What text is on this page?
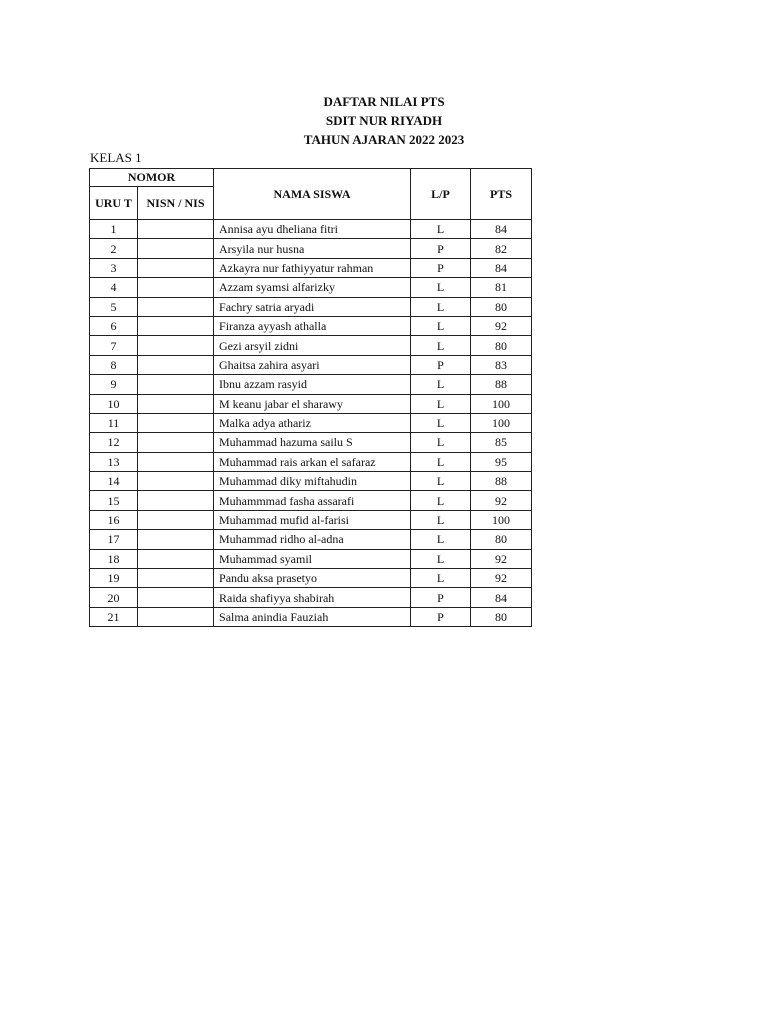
DAFTAR NILAI PTS
SDIT NUR RIYADH
TAHUN AJARAN 2022 2023
KELAS 1
NOMOR		NAMA SISWA	L/P	PTS
URU T	NISN / NIS			
1		Annisa ayu dheliana fitri	L	84
2		Arsyila nur husna	P	82
3		Azkayra nur fathiyyatur rahman	P	84
4		Azzam syamsi alfarizky	L	81
5		Fachry satria aryadi	L	80
6		Firanza ayyash athalla	L	92
7		Gezi arsyil zidni	L	80
8		Ghaitsa zahira asyari	P	83
9		Ibnu azzam rasyid	L	88
10		M keanu jabar el sharawy	L	100
11		Malka adya athariz	L	100
12		Muhammad hazuma sailu S	L	85
13		Muhammad rais arkan el safaraz	L	95
14		Muhammad diky miftahudin	L	88
15		Muhammmad fasha assarafi	L	92
16		Muhammad mufid al-farisi	L	100
17		Muhammad ridho al-adna	L	80
18		Muhammad syamil	L	92
19		Pandu aksa prasetyo	L	92
20		Raida shafiyya shabirah	P	84
21		Salma anindia Fauziah	P	80
